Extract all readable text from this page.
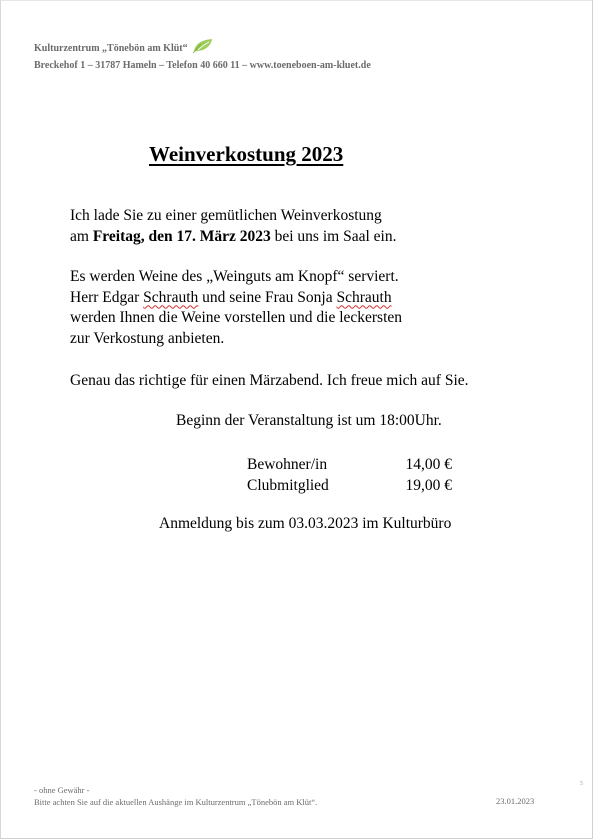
Kulturzentrum „Tönebön am Klüt“
Breckehof 1 – 31787 Hameln – Telefon 40 660 11 – www.toeneboen-am-kluet.de
Weinverkostung 2023
Ich lade Sie zu einer gemütlichen Weinverkostung
am Freitag, den 17. März 2023 bei uns im Saal ein.
Es werden Weine des „Weinguts am Knopf“ serviert.
Herr Edgar Schrauth und seine Frau Sonja Schrauth
werden Ihnen die Weine vorstellen und die leckersten
zur Verkostung anbieten.
Genau das richtige für einen Märzabend. Ich freue mich auf Sie.
Beginn der Veranstaltung ist um 18:00Uhr.
Bewohner/in	14,00 €
Clubmitglied	19,00 €
Anmeldung bis zum 03.03.2023 im Kulturbüro
- ohne Gewähr -
Bitte achten Sie auf die aktuellen Aushänge im Kulturzentrum „Tönebön am Klüt“.	23.01.2023
5
